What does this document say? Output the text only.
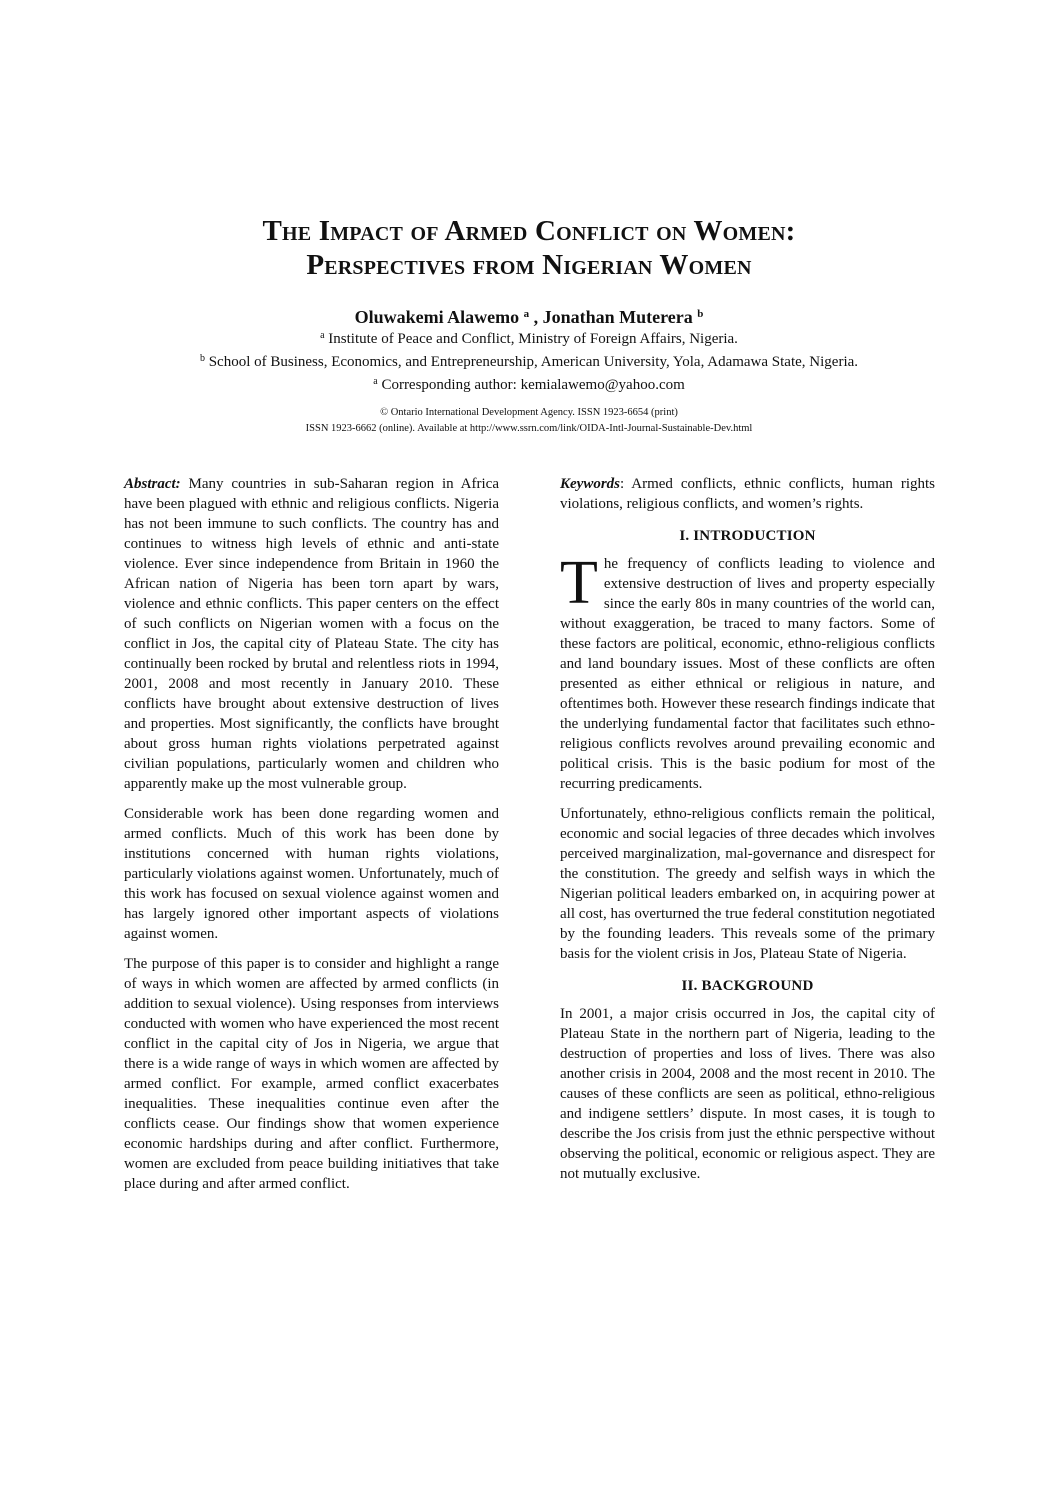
The Impact of Armed Conflict on Women:
Perspectives from Nigerian Women
Oluwakemi Alawemo $^a$ , Jonathan Muterera $^b$
$^a$ Institute of Peace and Conflict, Ministry of Foreign Affairs, Nigeria.
$^b$ School of Business, Economics, and Entrepreneurship, American University, Yola, Adamawa State, Nigeria.
$^a$ Corresponding author: kemialawemo@yahoo.com
© Ontario International Development Agency. ISSN 1923-6654 (print)
ISSN 1923-6662 (online). Available at http://www.ssrn.com/link/OIDA-Intl-Journal-Sustainable-Dev.html

Abstract: Many countries in sub-Saharan region in Africa have been plagued with ethnic and religious conflicts. Nigeria has not been immune to such conflicts. The country has and continues to witness high levels of ethnic and anti-state violence. Ever since independence from Britain in 1960 the African nation of Nigeria has been torn apart by wars, violence and ethnic conflicts. This paper centers on the effect of such conflicts on Nigerian women with a focus on the conflict in Jos, the capital city of Plateau State. The city has continually been rocked by brutal and relentless riots in 1994, 2001, 2008 and most recently in January 2010. These conflicts have brought about extensive destruction of lives and properties. Most significantly, the conflicts have brought about gross human rights violations perpetrated against civilian populations, particularly women and children who apparently make up the most vulnerable group.

Considerable work has been done regarding women and armed conflicts. Much of this work has been done by institutions concerned with human rights violations, particularly violations against women. Unfortunately, much of this work has focused on sexual violence against women and has largely ignored other important aspects of violations against women.

The purpose of this paper is to consider and highlight a range of ways in which women are affected by armed conflicts (in addition to sexual violence). Using responses from interviews conducted with women who have experienced the most recent conflict in the capital city of Jos in Nigeria, we argue that there is a wide range of ways in which women are affected by armed conflict. For example, armed conflict exacerbates inequalities. These inequalities continue even after the conflicts cease. Our findings show that women experience economic hardships during and after conflict. Furthermore, women are excluded from peace building initiatives that take place during and after armed conflict.

Keywords: Armed conflicts, ethnic conflicts, human rights violations, religious conflicts, and women’s rights.

I. INTRODUCTION

The frequency of conflicts leading to violence and extensive destruction of lives and property especially since the early 80s in many countries of the world can, without exaggeration, be traced to many factors. Some of these factors are political, economic, ethno-religious conflicts and land boundary issues. Most of these conflicts are often presented as either ethnical or religious in nature, and oftentimes both. However these research findings indicate that the underlying fundamental factor that facilitates such ethno-religious conflicts revolves around prevailing economic and political crisis. This is the basic podium for most of the recurring predicaments.

Unfortunately, ethno-religious conflicts remain the political, economic and social legacies of three decades which involves perceived marginalization, mal-governance and disrespect for the constitution. The greedy and selfish ways in which the Nigerian political leaders embarked on, in acquiring power at all cost, has overturned the true federal constitution negotiated by the founding leaders. This reveals some of the primary basis for the violent crisis in Jos, Plateau State of Nigeria.

II. BACKGROUND

In 2001, a major crisis occurred in Jos, the capital city of Plateau State in the northern part of Nigeria, leading to the destruction of properties and loss of lives. There was also another crisis in 2004, 2008 and the most recent in 2010. The causes of these conflicts are seen as political, ethno-religious and indigene settlers’ dispute. In most cases, it is tough to describe the Jos crisis from just the ethnic perspective without observing the political, economic or religious aspect. They are not mutually exclusive.
